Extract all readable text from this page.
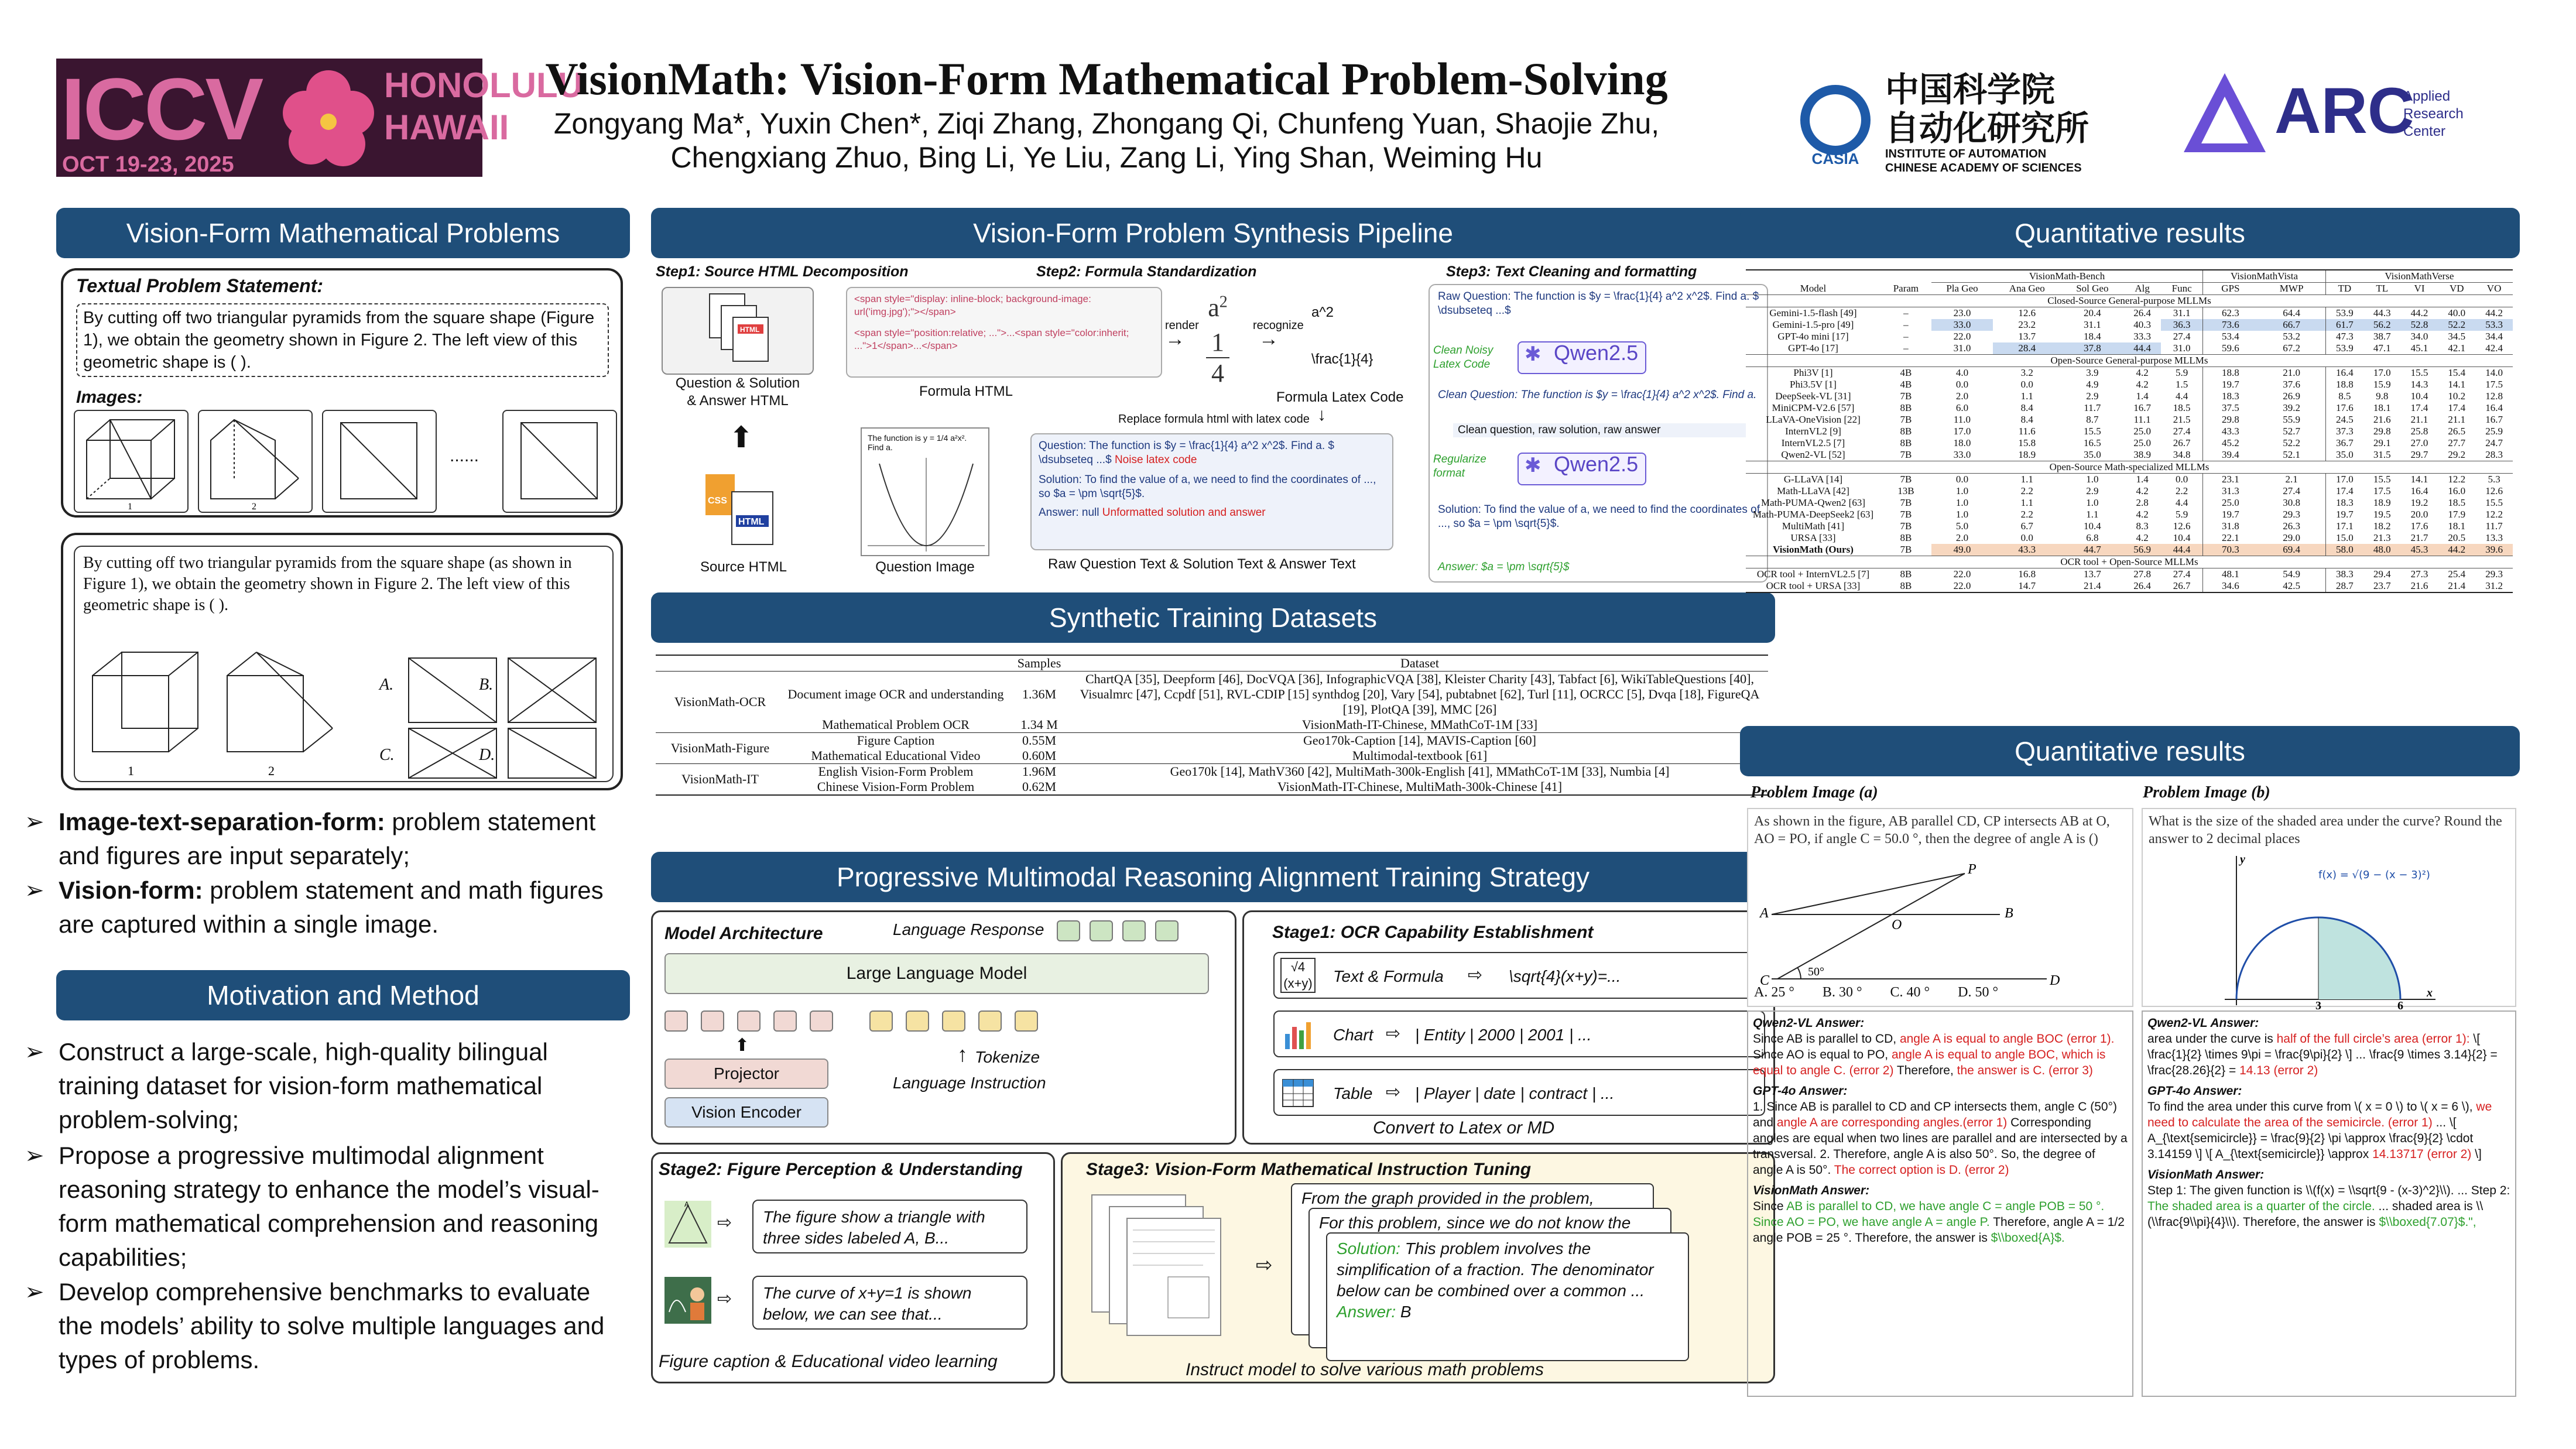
ICCV	HONOLULU HAWAII
OCT 19-23, 2025
VisionMath: Vision-Form Mathematical Problem-Solving
Zongyang Ma*, Yuxin Chen*, Ziqi Zhang, Zhongang Qi, Chunfeng Yuan, Shaojie Zhu,
Chengxiang Zhuo, Bing Li, Ye Liu, Zang Li, Ying Shan, Weiming Hu	CASIA
中国科学院
自动化研究所
INSTITUTE OF AUTOMATION
CHINESE ACADEMY OF SCIENCES
ARC
Applied
Research
Center
Vision-Form Mathematical Problems
Textual Problem Statement:
By cutting off two triangular pyramids from the square shape (Figure 1), we obtain the geometry shown in Figure 2. The left view of this geometric shape is ( ).
Images:
1	2
......
By cutting off two triangular pyramids from the square shape (as shown in Figure 1), we obtain the geometry shown in Figure 2. The left view of this geometric shape is ( ).
1	2
A.	B.
C.	D.
➢ Image-text-separation-form: problem statement and figures are input separately;
➢ Vision-form: problem statement and math figures are captured within a single image.
Motivation and Method
➢ Construct a large-scale, high-quality bilingual training dataset for vision-form mathematical problem-solving;
➢ Propose a progressive multimodal alignment reasoning strategy to enhance the model’s visual-form mathematical comprehension and reasoning capabilities;
➢ Develop comprehensive benchmarks to evaluate the models’ ability to solve multiple languages and types of problems.
Vision-Form Problem Synthesis Pipeline
Step1: Source HTML Decomposition	Step2: Formula Standardization	Step3: Text Cleaning and formatting
HTML
Question & Solution
& Answer HTML
⬆
CSS
HTML
Source HTML
The function is y = 1/4 a²x². Find a.
Question Image
<span style="display: inline-block; background-image: url('img.jpg');"></span>
<span style="position:relative; ...">...<span style="color:inherit; ...">1</span>...</span>
Formula HTML
render
→
$a^2$
1
4
recognize
→
a^2
\frac{1}{4}
Formula Latex Code
Replace formula html with latex code ↓
Question: The function is $y = \frac{1}{4} a^2 x^2$. Find a. $ \dsubseteq ...$ Noise latex code
Solution: To find the value of a, we need to find the coordinates of ..., so $a = \pm \sqrt{5}$.
Answer: null Unformatted solution and answer
Raw Question Text & Solution Text & Answer Text
Raw Question: The function is $y = \frac{1}{4} a^2 x^2$. Find a. $ \dsubseteq ...$
Clean Noisy Latex Code	✱ Qwen2.5
Clean Question: The function is $y = \frac{1}{4} a^2 x^2$. Find a.
Clean question, raw solution, raw answer
Regularize format	✱ Qwen2.5
Solution: To find the value of a, we need to find the coordinates of ..., so $a = \pm \sqrt{5}$.
Answer: $a = \pm \sqrt{5}$
Synthetic Training Datasets
		Samples	Dataset
VisionMath-OCR	Document image OCR and understanding	1.36M	ChartQA [35], Deepform [46], DocVQA [36], InfographicVQA [38], Kleister Charity [43], Tabfact [6], WikiTableQuestions [40], Visualmrc [47], Ccpdf [51], RVL-CDIP [15] synthdog [20], Vary [54], pubtabnet [62], Turl [11], OCRCC [5], Dvqa [18], FigureQA [19], PlotQA [39], MMC [26]
	Mathematical Problem OCR	1.34 M	VisionMath-IT-Chinese, MMathCoT-1M [33]
VisionMath-Figure	Figure Caption	0.55M	Geo170k-Caption [14], MAVIS-Caption [60]
	Mathematical Educational Video	0.60M	Multimodal-textbook [61]
VisionMath-IT	English Vision-Form Problem	1.96M	Geo170k [14], MathV360 [42], MultiMath-300k-English [41], MMathCoT-1M [33], Numbia [4]
	Chinese Vision-Form Problem	0.62M	VisionMath-IT-Chinese, MultiMath-300k-Chinese [41]
Progressive Multimodal Reasoning Alignment Training Strategy
Model Architecture	Language Response
Large Language Model
⬆
Projector
Vision Encoder
↑ Tokenize
Language Instruction
Stage1: OCR Capability Establishment
√4
(x+y) Text & Formula ⇨ \sqrt{4}(x+y)=...
Chart ⇨ | Entity | 2000 | 2001 | ...
Table ⇨ | Player | date | contract | ...
Convert to Latex or MD
Stage2: Figure Perception & Understanding
A
⇨	The figure show a triangle with three sides labeled A, B...
⇨	The curve of x+y=1 is shown below, we can see that...
Figure caption & Educational video learning
Stage3: Vision-Form Mathematical Instruction Tuning
⇨
From the graph provided in the problem,
For this problem, since we do not know the
Solution: This problem involves the simplification of a fraction. The denominator below can be combined over a common ...
Answer: B
Instruct model to solve various math problems
Quantitative results
		VisionMath-Bench					VisionMathVista		VisionMathVerse				
Model	Param	Pla Geo	Ana Geo	Sol Geo	Alg	Func	GPS	MWP	TD	TL	VI	VD	VO
Closed-Source General-purpose MLLMs													
Gemini-1.5-flash [49]	–	23.0	12.6	20.4	26.4	31.1	62.3	64.4	53.9	44.3	44.2	40.0	44.2
Gemini-1.5-pro [49]	–	33.0	23.2	31.1	40.3	36.3	73.6	66.7	61.7	56.2	52.8	52.2	53.3
GPT-4o mini [17]	–	22.0	13.7	18.4	33.3	27.4	53.4	53.2	47.3	38.7	34.0	34.5	34.4
GPT-4o [17]	–	31.0	28.4	37.8	44.4	31.0	59.6	67.2	53.9	47.1	45.1	42.1	42.4
Open-Source General-purpose MLLMs													
Phi3V [1]	4B	4.0	3.2	3.9	4.2	5.9	18.8	21.0	16.4	17.0	15.5	15.4	14.0
Phi3.5V [1]	4B	0.0	0.0	4.9	4.2	1.5	19.7	37.6	18.8	15.9	14.3	14.1	17.5
DeepSeek-VL [31]	7B	2.0	1.1	2.9	1.4	4.4	18.3	26.9	8.5	9.8	10.4	10.2	12.8
MiniCPM-V2.6 [57]	8B	6.0	8.4	11.7	16.7	18.5	37.5	39.2	17.6	18.1	17.4	17.4	16.4
LLaVA-OneVision [22]	7B	11.0	8.4	8.7	11.1	21.5	29.8	55.9	24.5	21.6	21.1	21.1	16.7
InternVL2 [9]	8B	17.0	11.6	15.5	25.0	27.4	43.3	52.7	37.3	29.8	25.8	26.5	25.9
InternVL2.5 [7]	8B	18.0	15.8	16.5	25.0	26.7	45.2	52.2	36.7	29.1	27.0	27.7	24.7
Qwen2-VL [52]	7B	33.0	18.9	35.0	38.9	34.8	39.4	52.1	35.0	31.5	29.7	29.2	28.3
Open-Source Math-specialized MLLMs													
G-LLaVA [14]	7B	0.0	1.1	1.0	1.4	0.0	23.1	2.1	17.0	15.5	14.1	12.2	5.3
Math-LLaVA [42]	13B	1.0	2.2	2.9	4.2	2.2	31.3	27.4	17.4	17.5	16.4	16.0	12.6
Math-PUMA-Qwen2 [63]	7B	1.0	1.1	1.0	2.8	4.4	25.0	30.8	18.3	18.9	19.2	18.5	15.5
Math-PUMA-DeepSeek2 [63]	7B	1.0	2.2	1.1	4.2	5.9	19.7	29.3	19.7	19.5	20.0	17.9	12.2
MultiMath [41]	7B	5.0	6.7	10.4	8.3	12.6	31.8	26.3	17.1	18.2	17.6	18.1	11.7
URSA [33]	8B	2.0	0.0	6.8	4.2	10.4	22.1	29.0	15.0	21.3	21.7	20.5	13.3
VisionMath (Ours)	7B	49.0	43.3	44.7	56.9	44.4	70.3	69.4	58.0	48.0	45.3	44.2	39.6
OCR tool + Open-Source MLLMs													
OCR tool + InternVL2.5 [7]	8B	22.0	16.8	13.7	27.8	27.4	48.1	54.9	38.3	29.4	27.3	25.4	29.3
OCR tool + URSA [33]	8B	22.0	14.7	21.4	26.4	26.7	34.6	42.5	28.7	23.7	21.6	21.4	31.2
Quantitative results
Problem Image (a)	Problem Image (b)
As shown in the figure, AB parallel CD, CP intersects AB at O, AO = PO, if angle C = 50.0 °, then the degree of angle A is ()
A	B
C	D
P
O
50°
A. 25 °        B. 30 °        C. 40 °        D. 50 °
What is the size of the shaded area under the curve? Round the answer to 2 decimal places
f(x) = √(9 − (x − 3)²)
3	6
x
y
Qwen2-VL Answer:
Since AB is parallel to CD, angle A is equal to angle BOC (error 1). Since AO is equal to PO, angle A is equal to angle BOC, which is equal to angle C. (error 2) Therefore, the answer is C. (error 3)
GPT-4o Answer:
1. Since AB is parallel to CD and CP intersects them, angle C (50°) and angle A are corresponding angles.(error 1) Corresponding angles are equal when two lines are parallel and are intersected by a transversal. 2. Therefore, angle A is also 50°. So, the degree of angle A is 50°. The correct option is D. (error 2)
VisionMath Answer:
Since AB is parallel to CD, we have angle C = angle POB = 50 °. Since AO = PO, we have angle A = angle P. Therefore, angle A = 1/2 angle POB = 25 °. Therefore, the answer is $\\boxed{A}$.
Qwen2-VL Answer:
area under the curve is half of the full circle’s area (error 1): \[ \frac{1}{2} \times 9\pi = \frac{9\pi}{2} \] ... \frac{9 \times 3.14}{2} = \frac{28.26}{2} = 14.13 (error 2)
GPT-4o Answer:
To find the area under this curve from \( x = 0 \) to \( x = 6 \), we need to calculate the area of the semicircle. (error 1) ... \[ A_{\text{semicircle}} = \frac{9}{2} \pi \approx \frac{9}{2} \cdot 3.14159 \] \[ A_{\text{semicircle}} \approx 14.13717 (error 2) \]
VisionMath Answer:
Step 1: The given function is \\(f(x) = \\sqrt{9 - (x-3)^2}\\). ... Step 2: The shaded area is a quarter of the circle. ... shaded area is \\(\\frac{9\\pi}{4}\\). Therefore, the answer is $\\boxed{7.07}$.",
